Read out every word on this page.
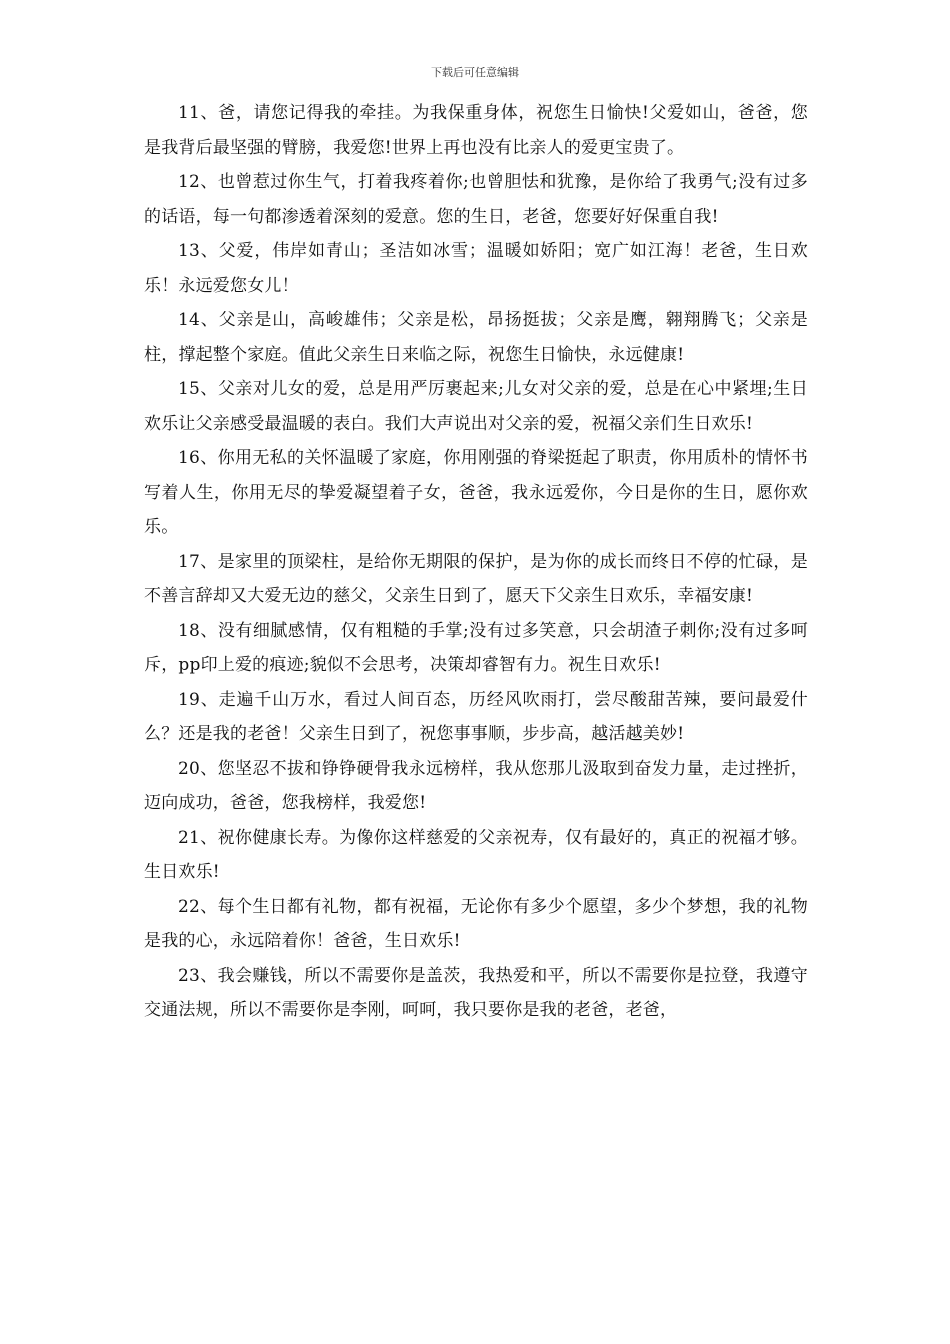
下载后可任意编辑

11、爸，请您记得我的牵挂。为我保重身体，祝您生日愉快!父爱如山，爸爸，您是我背后最坚强的臂膀，我爱您!世界上再也没有比亲人的爱更宝贵了。

12、也曾惹过你生气，打着我疼着你;也曾胆怯和犹豫，是你给了我勇气;没有过多的话语，每一句都渗透着深刻的爱意。您的生日，老爸，您要好好保重自我!

13、父爱，伟岸如青山；圣洁如冰雪；温暖如娇阳；宽广如江海！老爸，生日欢乐！永远爱您女儿！

14、父亲是山，高峻雄伟；父亲是松，昂扬挺拔；父亲是鹰，翱翔腾飞；父亲是柱，撑起整个家庭。值此父亲生日来临之际，祝您生日愉快，永远健康!

15、父亲对儿女的爱，总是用严厉裹起来;儿女对父亲的爱，总是在心中紧埋;生日欢乐让父亲感受最温暖的表白。我们大声说出对父亲的爱，祝福父亲们生日欢乐!

16、你用无私的关怀温暖了家庭，你用刚强的脊梁挺起了职责，你用质朴的情怀书写着人生，你用无尽的挚爱凝望着子女，爸爸，我永远爱你，今日是你的生日，愿你欢乐。

17、是家里的顶梁柱，是给你无期限的保护，是为你的成长而终日不停的忙碌，是不善言辞却又大爱无边的慈父，父亲生日到了，愿天下父亲生日欢乐，幸福安康!

18、没有细腻感情，仅有粗糙的手掌;没有过多笑意，只会胡渣子刺你;没有过多呵斥，pp印上爱的痕迹;貌似不会思考，决策却睿智有力。祝生日欢乐!

19、走遍千山万水，看过人间百态，历经风吹雨打，尝尽酸甜苦辣，要问最爱什么？还是我的老爸！父亲生日到了，祝您事事顺，步步高，越活越美妙!

20、您坚忍不拔和铮铮硬骨我永远榜样，我从您那儿汲取到奋发力量，走过挫折，迈向成功，爸爸，您我榜样，我爱您!

21、祝你健康长寿。为像你这样慈爱的父亲祝寿，仅有最好的，真正的祝福才够。生日欢乐!

22、每个生日都有礼物，都有祝福，无论你有多少个愿望，多少个梦想，我的礼物是我的心，永远陪着你！爸爸，生日欢乐!

23、我会赚钱，所以不需要你是盖茨，我热爱和平，所以不需要你是拉登，我遵守交通法规，所以不需要你是李刚，呵呵，我只要你是我的老爸，老爸，
